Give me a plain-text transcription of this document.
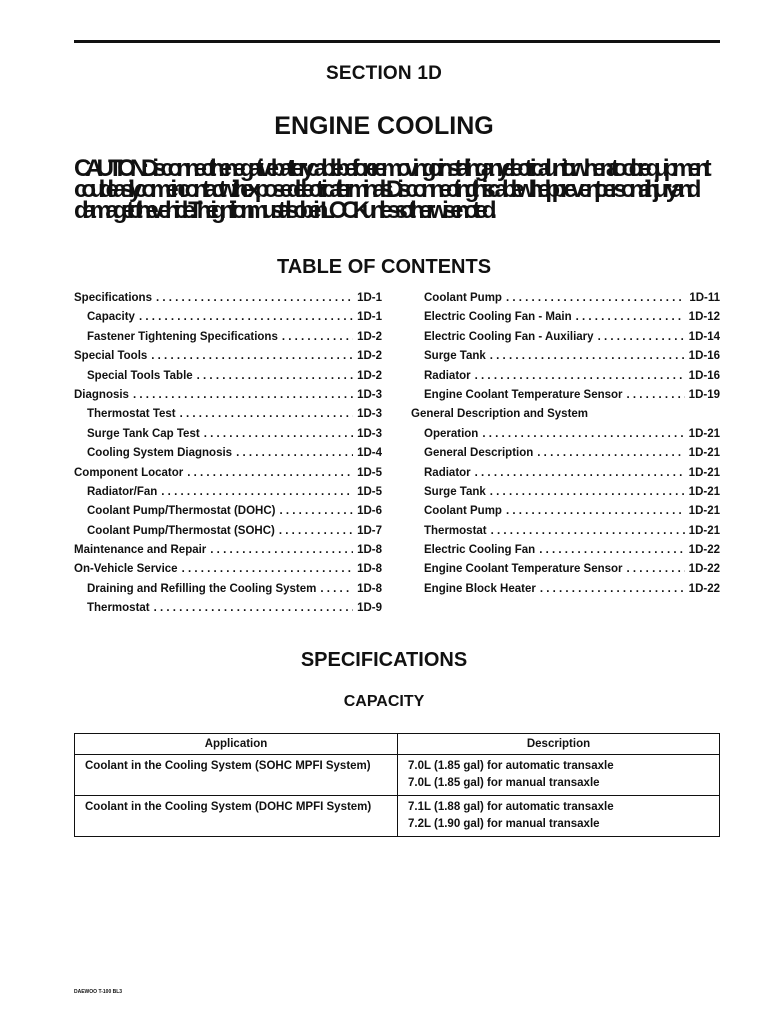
SECTION 1D
ENGINE COOLING
CAUTION: Disconnect the negative battery cable before removing or installing any electrical unit or when a tool or equipment could easily come in contact with exposed electrical terminals. Disconnecting this cable will help prevent personal injury and damage to the vehicle. The ignition must also be in LOCK unless otherwise noted.
TABLE OF CONTENTS
Specifications . . .	1D-1
Capacity . . .	1D-1
Fastener Tightening Specifications . . .	1D-2
Special Tools . . .	1D-2
Special Tools Table . . .	1D-2
Diagnosis . . .	1D-3
Thermostat Test . . .	1D-3
Surge Tank Cap Test . . .	1D-3
Cooling System Diagnosis . . .	1D-4
Component Locator . . .	1D-5
Radiator/Fan . . .	1D-5
Coolant Pump/Thermostat (DOHC) . . .	1D-6
Coolant Pump/Thermostat (SOHC) . . .	1D-7
Maintenance and Repair . . .	1D-8
On-Vehicle Service . . .	1D-8
Draining and Refilling the Cooling System . . .	1D-8
Thermostat . . .	1D-9
Coolant Pump . . .	1D-11
Electric Cooling Fan - Main . . .	1D-12
Electric Cooling Fan - Auxiliary . . .	1D-14
Surge Tank . . .	1D-16
Radiator . . .	1D-16
Engine Coolant Temperature Sensor . . .	1D-19
General Description and System
Operation . . .	1D-21
General Description . . .	1D-21
Radiator . . .	1D-21
Surge Tank . . .	1D-21
Coolant Pump . . .	1D-21
Thermostat . . .	1D-21
Electric Cooling Fan . . .	1D-22
Engine Coolant Temperature Sensor . . .	1D-22
Engine Block Heater . . .	1D-22
SPECIFICATIONS
CAPACITY
Application	Description

Coolant in the Cooling System (SOHC MPFI System)	7.0L (1.85 gal) for automatic transaxle
7.0L (1.85 gal) for manual transaxle

Coolant in the Cooling System (DOHC MPFI System)	7.1L (1.88 gal) for automatic transaxle
7.2L (1.90 gal) for manual transaxle
DAEWOO T-100 BL3
